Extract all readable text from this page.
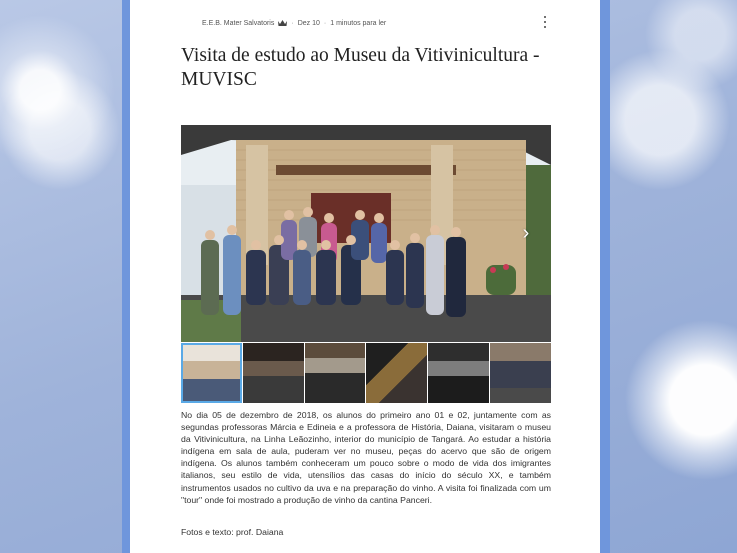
E.E.B. Mater Salvatoris · Dez 10 · 1 minutos para ler
Visita de estudo ao Museu da Vitivinicultura - MUVISC
›

No dia 05 de dezembro de 2018, os alunos do primeiro ano 01 e 02, juntamente com as segundas professoras Márcia e Edineia e a professora de História, Daiana, visitaram o museu da Vitivinicultura, na Linha Leãozinho, interior do município de Tangará. Ao estudar a história indígena em sala de aula, puderam ver no museu, peças do acervo que são de origem indígena. Os alunos também conheceram um pouco sobre o modo de vida dos imigrantes italianos, seu estilo de vida, utensílios das casas do início do século XX, e também instrumentos usados no cultivo da uva e na preparação do vinho. A visita foi finalizada com um "tour" onde foi mostrado a produção de vinho da cantina Panceri.

Fotos e texto: prof. Daiana
